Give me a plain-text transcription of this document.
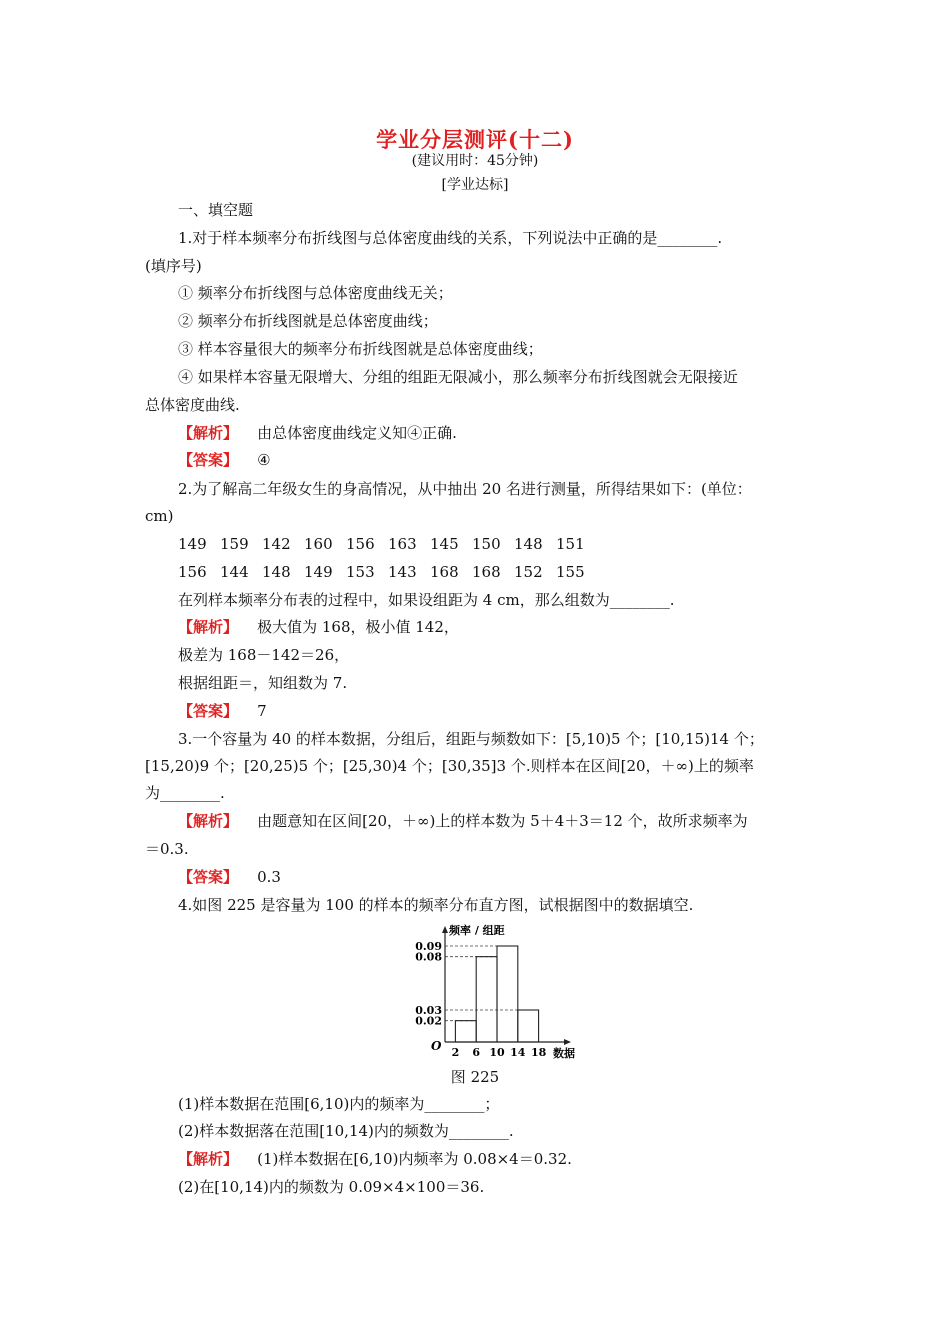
学业分层测评(十二)
(建议用时：45分钟)
[学业达标]
一、填空题
1.对于样本频率分布折线图与总体密度曲线的关系，下列说法中正确的是________.
(填序号)
① 频率分布折线图与总体密度曲线无关；
② 频率分布折线图就是总体密度曲线；
③ 样本容量很大的频率分布折线图就是总体密度曲线；
④ 如果样本容量无限增大、分组的组距无限减小，那么频率分布折线图就会无限接近
总体密度曲线.
【解析】 由总体密度曲线定义知④正确.
【答案】 ④
2.为了解高二年级女生的身高情况，从中抽出 20 名进行测量，所得结果如下：(单位：
cm)
149 159 142 160 156 163 145 150 148 151
156 144 148 149 153 143 168 168 152 155
在列样本频率分布表的过程中，如果设组距为 4 cm，那么组数为________.
【解析】 极大值为 168，极小值 142，
极差为 168－142＝26，
根据组距＝，知组数为 7.
【答案】 7
3.一个容量为 40 的样本数据，分组后，组距与频数如下：[5,10)5 个；[10,15)14 个；
[15,20)9 个；[20,25)5 个；[25,30)4 个；[30,35]3 个.则样本在区间[20，＋∞)上的频率
为________.
【解析】 由题意知在区间[20，＋∞)上的样本数为 5＋4＋3＝12 个，故所求频率为
＝0.3.
【答案】 0.3
4.如图 225 是容量为 100 的样本的频率分布直方图，试根据图中的数据填空.
0.02
0.03
0.08
0.09
2 6 10 14 18
O
频率 / 组距
数据
图 225
(1)样本数据在范围[6,10)内的频率为________；
(2)样本数据落在范围[10,14)内的频数为________.
【解析】 (1)样本数据在[6,10)内频率为 0.08×4＝0.32.
(2)在[10,14)内的频数为 0.09×4×100＝36.
